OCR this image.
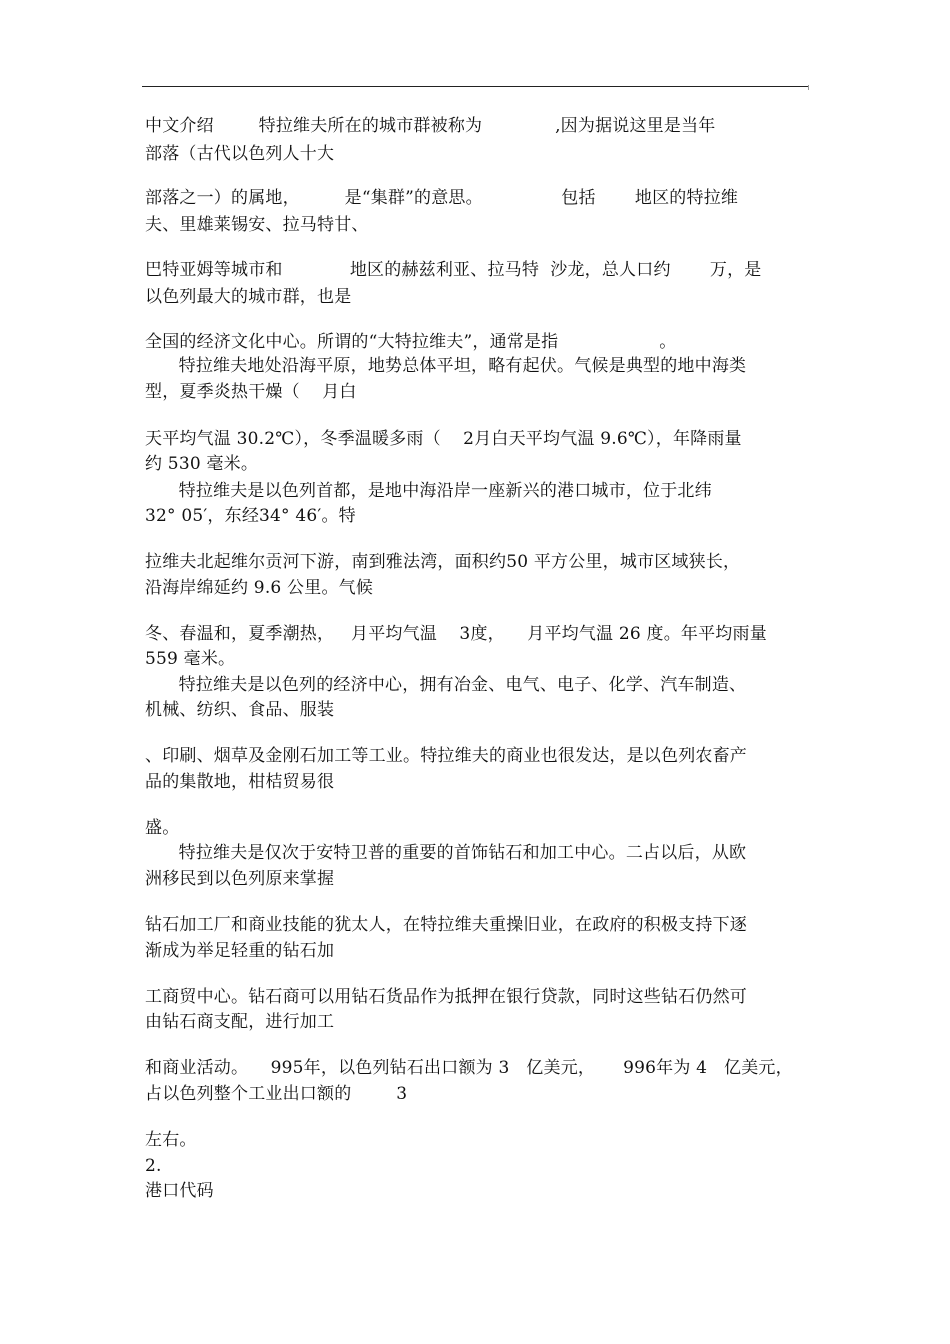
中文介绍        特拉维夫所在的城市群被称为             ,因为据说这里是当年
部落（古代以色列人十大
部落之一）的属地，        是“集群”的意思。              包括       地区的特拉维
夫、里雄莱锡安、拉马特甘、
巴特亚姆等城市和            地区的赫兹利亚、拉马特  沙龙，总人口约       万，是
以色列最大的城市群，也是
全国的经济文化中心。所谓的“大特拉维夫”，通常是指                  。
特拉维夫地处沿海平原，地势总体平坦，略有起伏。气候是典型的地中海类
型，夏季炎热干燥（    月白
天平均气温 30.2℃），冬季温暖多雨（    2月白天平均气温 9.6℃），年降雨量
约 530 毫米。
特拉维夫是以色列首都，是地中海沿岸一座新兴的港口城市，位于北纬
32° 05′，东经34° 46′。特
拉维夫北起维尔贡河下游，南到雅法湾，面积约50 平方公里，城市区域狭长，
沿海岸绵延约 9.6 公里。气候
冬、春温和，夏季潮热，   月平均气温    3度，    月平均气温 26 度。年平均雨量
559 毫米。
特拉维夫是以色列的经济中心，拥有冶金、电气、电子、化学、汽车制造、
机械、纺织、食品、服装
、印刷、烟草及金刚石加工等工业。特拉维夫的商业也很发达，是以色列农畜产
品的集散地，柑桔贸易很
盛。
特拉维夫是仅次于安特卫普的重要的首饰钻石和加工中心。二占以后，从欧
洲移民到以色列原来掌握
钻石加工厂和商业技能的犹太人，在特拉维夫重操旧业，在政府的积极支持下逐
渐成为举足轻重的钻石加
工商贸中心。钻石商可以用钻石货品作为抵押在银行贷款，同时这些钻石仍然可
由钻石商支配，进行加工
和商业活动。    995年，以色列钻石出口额为 3   亿美元，     996年为 4   亿美元，
占以色列整个工业出口额的        3
左右。
2.
港口代码
